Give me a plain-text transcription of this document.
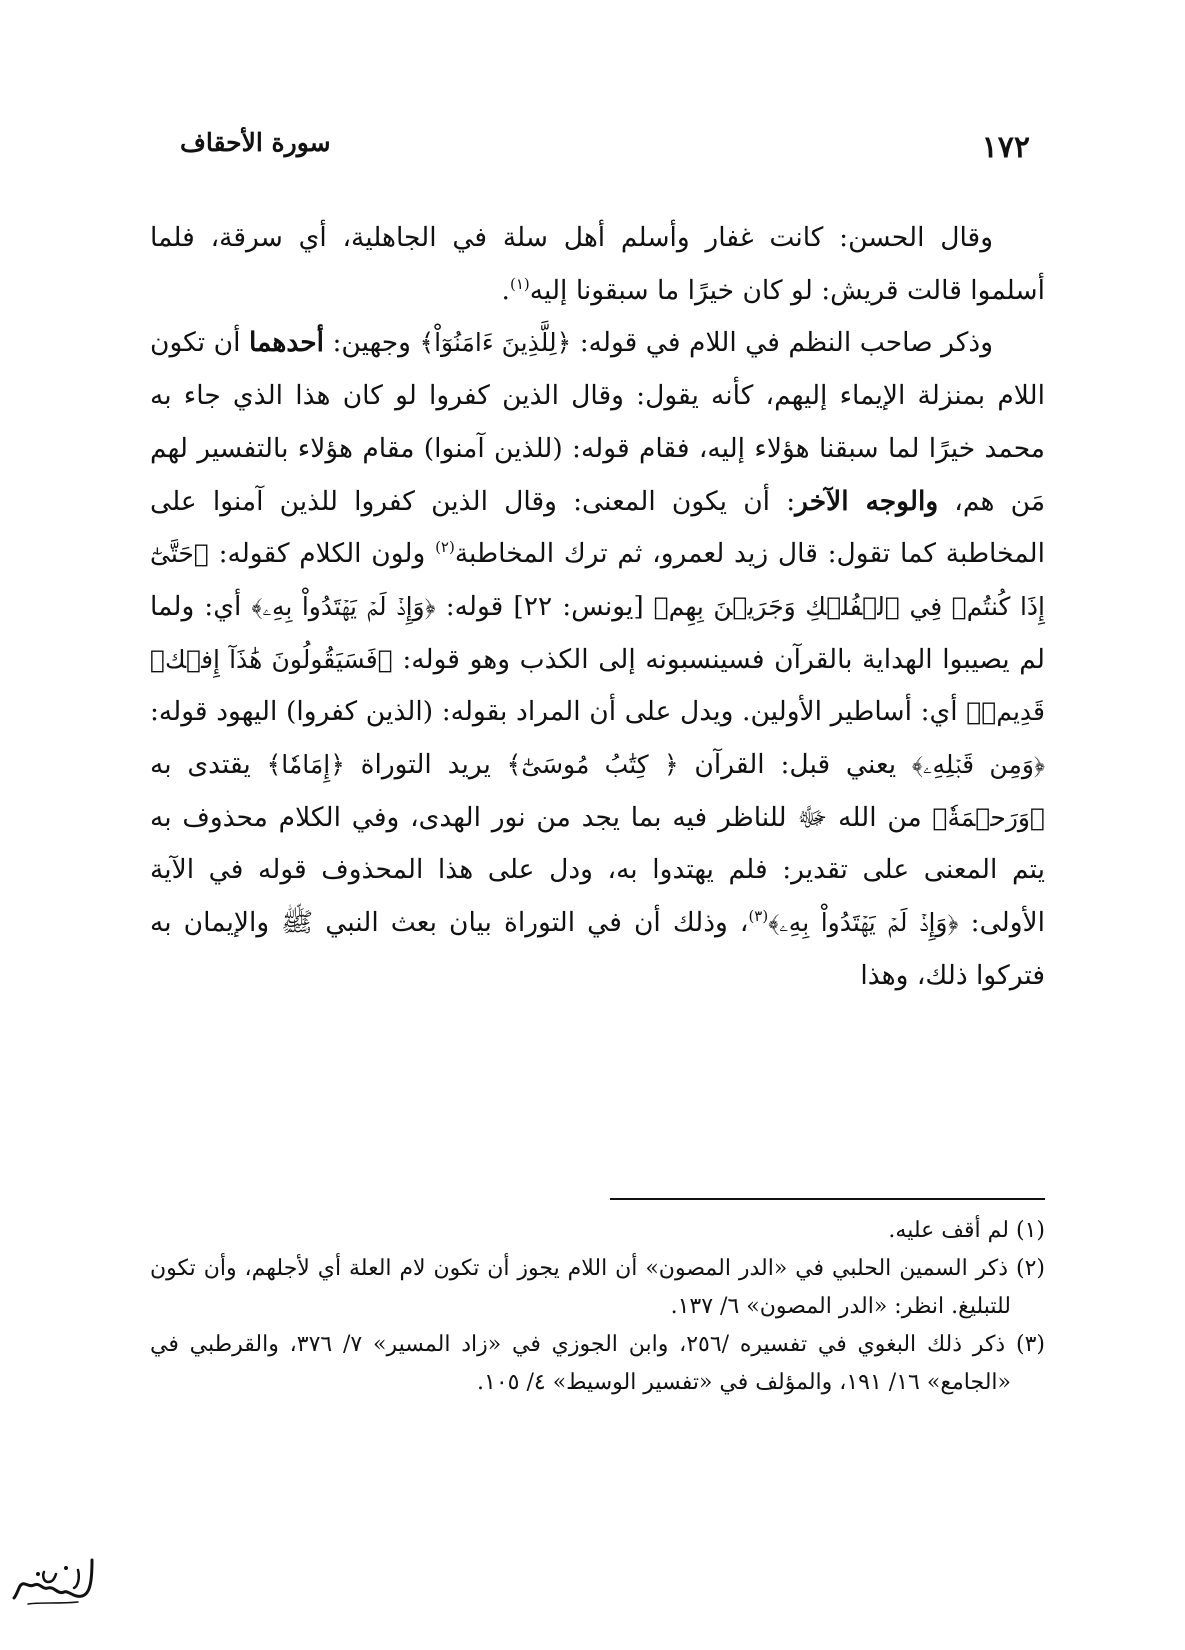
١٧٢
سورة الأحقاف

وقال الحسن: كانت غفار وأسلم أهل سلة في الجاهلية، أي سرقة، فلما أسلموا قالت قريش: لو كان خيرًا ما سبقونا إليه$^{(١)}$.

وذكر صاحب النظم في اللام في قوله: ﴿لِلَّذِينَ ءَامَنُوٓاْ﴾ وجهين: أحدهما أن تكون اللام بمنزلة الإيماء إليهم، كأنه يقول: وقال الذين كفروا لو كان هذا الذي جاء به محمد خيرًا لما سبقنا هؤلاء إليه، فقام قوله: (للذين آمنوا) مقام هؤلاء بالتفسير لهم مَن هم، والوجه الآخر: أن يكون المعنى: وقال الذين كفروا للذين آمنوا على المخاطبة كما تقول: قال زيد لعمرو، ثم ترك المخاطبة$^{(٢)}$ ولون الكلام كقوله: ﴿حَتَّىٰٓ إِذَا كُنتُمۡ فِي ٱلۡفُلۡكِ وَجَرَيۡنَ بِهِم﴾ [يونس: ٢٢] قوله: ﴿وَإِذۡ لَمۡ يَهۡتَدُواْ بِهِۦ﴾ أي: ولما لم يصيبوا الهداية بالقرآن فسينسبونه إلى الكذب وهو قوله: ﴿فَسَيَقُولُونَ هَٰذَآ إِفۡكٞ قَدِيمٞ﴾ أي: أساطير الأولين. ويدل على أن المراد بقوله: (الذين كفروا) اليهود قوله: ﴿وَمِن قَبۡلِهِۦ﴾ يعني قبل: القرآن ﴿ كِتَٰبُ مُوسَىٰٓ﴾ يريد التوراة ﴿إِمَامٗا﴾ يقتدى به ﴿وَرَحۡمَةٗ﴾ من الله ﷻ للناظر فيه بما يجد من نور الهدى، وفي الكلام محذوف به يتم المعنى على تقدير: فلم يهتدوا به، ودل على هذا المحذوف قوله في الآية الأولى: ﴿وَإِذۡ لَمۡ يَهۡتَدُواْ بِهِۦ﴾$^{(٣)}$، وذلك أن في التوراة بيان بعث النبي ﷺ والإيمان به فتركوا ذلك، وهذا

(١) لم أقف عليه.

(٢) ذكر السمين الحلبي في «الدر المصون» أن اللام يجوز أن تكون لام العلة أي لأجلهم، وأن تكون للتبليغ. انظر: «الدر المصون» ٦/ ١٣٧.

(٣) ذكر ذلك البغوي في تفسيره /٢٥٦، وابن الجوزي في «زاد المسير» ٧/ ٣٧٦، والقرطبي في «الجامع» ١٦/ ١٩١، والمؤلف في «تفسير الوسيط» ٤/ ١٠٥.
